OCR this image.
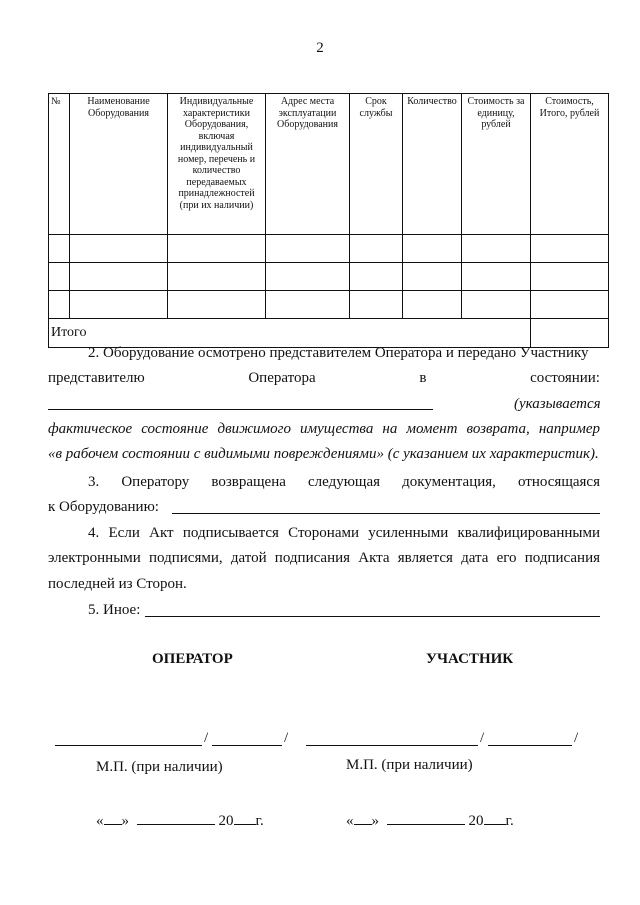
2
№	Наименование Оборудования	Индивидуальные характеристики Оборудования, включая индивидуальный номер, перечень и количество передаваемых принадлежностей (при их наличии)	Адрес места эксплуатации Оборудования	Срок службы	Количество	Стоимость за единицу, рублей	Стоимость, Итого, рублей

Итого							
2. Оборудование осмотрено представителем Оператора и передано Участнику
представителю	Оператора	в	состоянии:
(указывается
фактическое состояние движимого имущества на момент возврата, например
«в рабочем состоянии с видимыми повреждениями» (с указанием их характеристик).
3. Оператору возвращена следующая документация, относящаяся
к Оборудованию:
4. Если Акт подписывается Сторонами усиленными квалифицированными
электронными подписями, датой подписания Акта является дата его подписания
последней из Сторон.
5. Иное:
ОПЕРАТОР	УЧАСТНИК
/	/	/	/
М.П. (при наличии)	М.П. (при наличии)
« »	20 г.	« »	20 г.
